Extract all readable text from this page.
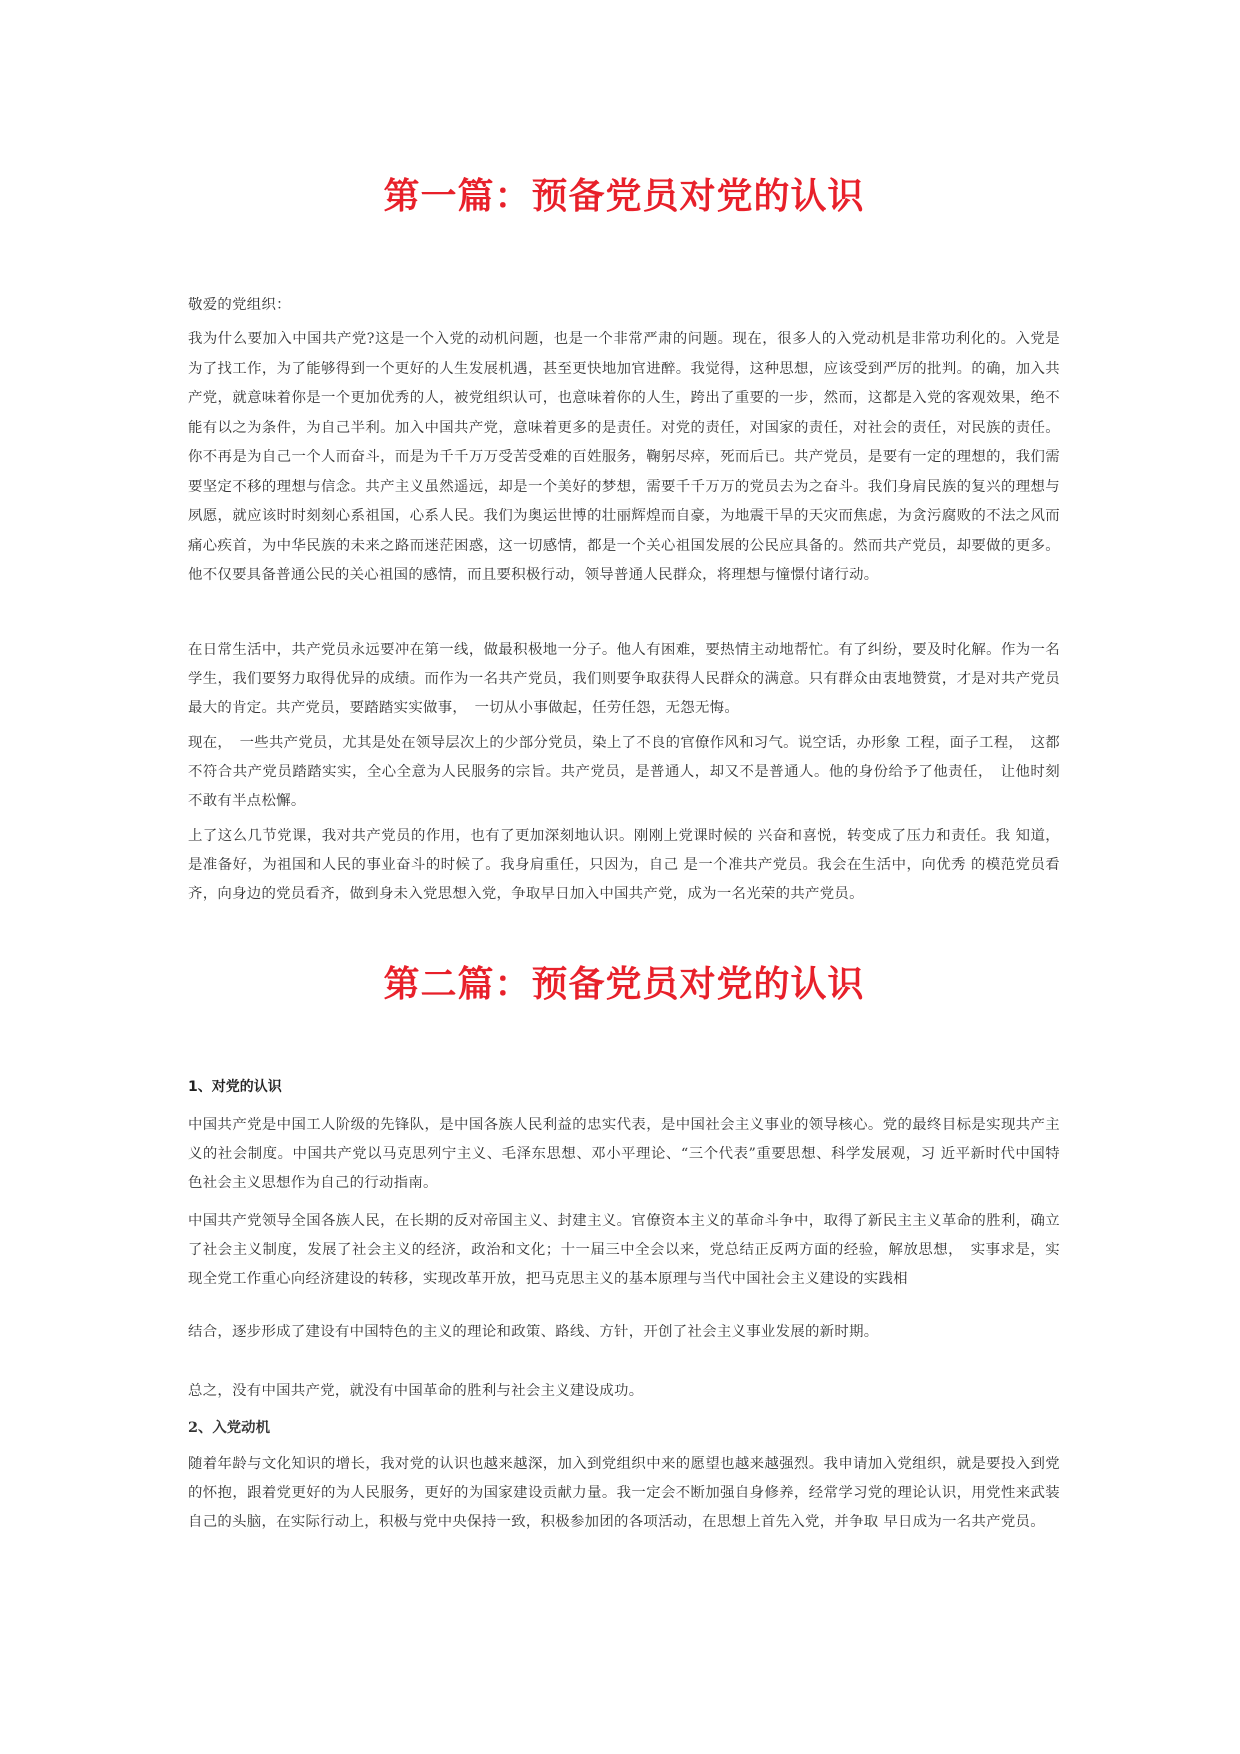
第一篇：预备党员对党的认识

敬爱的党组织：

我为什么要加入中国共产党?这是一个入党的动机问题，也是一个非常严肃的问题。现在，很多人的入党动机是非常功利化的。入党是为了找工作，为了能够得到一个更好的人生发展机遇，甚至更快地加官进醉。我觉得，这种思想，应该受到严厉的批判。的确，加入共产党，就意味着你是一个更加优秀的人，被党组织认可，也意味着你的人生，跨出了重要的一步，然而，这都是入党的客观效果，绝不能有以之为条件，为自己半利。加入中国共产党，意味着更多的是责任。对党的责任，对国家的责任，对社会的责任，对民族的责任。你不再是为自己一个人而奋斗，而是为千千万万受苦受难的百姓服务，鞠躬尽瘁，死而后已。共产党员，是要有一定的理想的，我们需要坚定不移的理想与信念。共产主义虽然遥远，却是一个美好的梦想，需要千千万万的党员去为之奋斗。我们身肩民族的复兴的理想与夙愿，就应该时时刻刻心系祖国，心系人民。我们为奥运世博的壮丽辉煌而自豪，为地震干旱的天灾而焦虑，为贪污腐败的不法之风而痛心疾首，为中华民族的未来之路而迷茫困惑，这一切感情，都是一个关心祖国发展的公民应具备的。然而共产党员，却要做的更多。他不仅要具备普通公民的关心祖国的感情，而且要积极行动，领导普通人民群众，将理想与憧憬付诸行动。

在日常生活中，共产党员永远要冲在第一线，做最积极地一分子。他人有困难，要热情主动地帮忙。有了纠纷，要及时化解。作为一名学生，我们要努力取得优异的成绩。而作为一名共产党员，我们则要争取获得人民群众的满意。只有群众由衷地赞赏，才是对共产党员最大的肯定。共产党员，要踏踏实实做事，　一切从小事做起，任劳任怨，无怨无悔。

现在，　一些共产党员，尤其是处在领导层次上的少部分党员，染上了不良的官僚作风和习气。说空话，办形象 工程，面子工程，　这都不符合共产党员踏踏实实，全心全意为人民服务的宗旨。共产党员，是普通人，却又不是普通人。他的身份给予了他责任，　让他时刻不敢有半点松懈。

上了这么几节党课，我对共产党员的作用，也有了更加深刻地认识。刚刚上党课时候的 兴奋和喜悦，转变成了压力和责任。我 知道，是准备好，为祖国和人民的事业奋斗的时候了。我身肩重任，只因为，自己 是一个准共产党员。我会在生活中，向优秀 的模范党员看齐，向身边的党员看齐，做到身未入党思想入党，争取早日加入中国共产党，成为一名光荣的共产党员。

第二篇：预备党员对党的认识
1、对党的认识

中国共产党是中国工人阶级的先锋队，是中国各族人民利益的忠实代表，是中国社会主义事业的领导核心。党的最终目标是实现共产主义的社会制度。中国共产党以马克思列宁主义、毛泽东思想、邓小平理论、“三个代表”重要思想、科学发展观，习 近平新时代中国特色社会主义思想作为自己的行动指南。

中国共产党领导全国各族人民，在长期的反对帝国主义、封建主义。官僚资本主义的革命斗争中，取得了新民主主义革命的胜利，确立了社会主义制度，发展了社会主义的经济，政治和文化；十一届三中全会以来，党总结正反两方面的经验，解放思想，　实事求是，实现全党工作重心向经济建设的转移，实现改革开放，把马克思主义的基本原理与当代中国社会主义建设的实践相

结合，逐步形成了建设有中国特色的主义的理论和政策、路线、方针，开创了社会主义事业发展的新时期。

总之，没有中国共产党，就没有中国革命的胜利与社会主义建设成功。

2、入党动机

随着年龄与文化知识的增长，我对党的认识也越来越深，加入到党组织中来的愿望也越来越强烈。我申请加入党组织，就是要投入到党的怀抱，跟着党更好的为人民服务，更好的为国家建设贡献力量。我一定会不断加强自身修养，经常学习党的理论认识，用党性来武装自己的头脑，在实际行动上，积极与党中央保持一致，积极参加团的各项活动，在思想上首先入党，并争取 早日成为一名共产党员。
